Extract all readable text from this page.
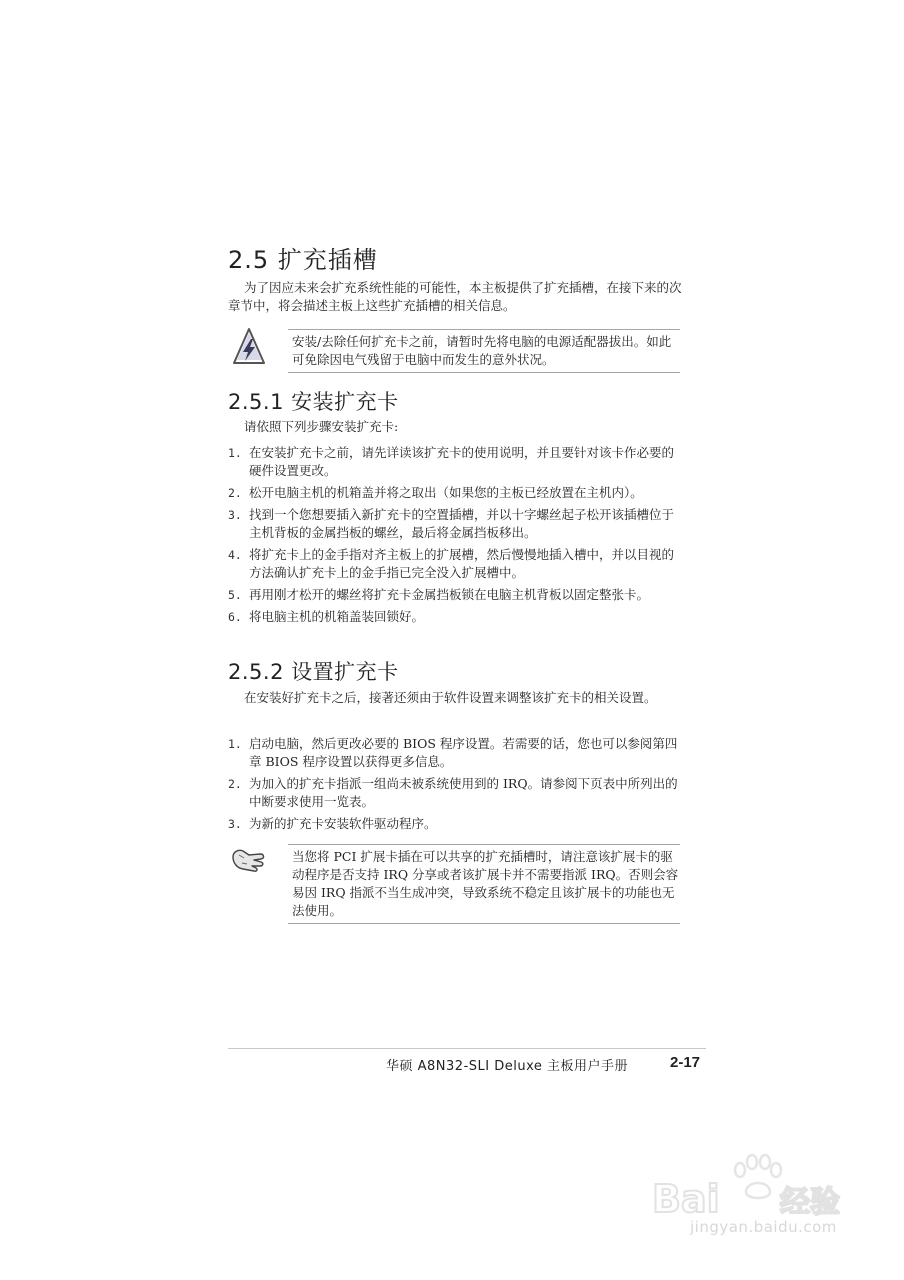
2.5 扩充插槽
为了因应未来会扩充系统性能的可能性，本主板提供了扩充插槽，在接下来的次章节中，将会描述主板上这些扩充插槽的相关信息。
安装/去除任何扩充卡之前，请暂时先将电脑的电源适配器拔出。如此可免除因电气残留于电脑中而发生的意外状况。
2.5.1 安装扩充卡
请依照下列步骤安装扩充卡:
1. 在安装扩充卡之前，请先详读该扩充卡的使用说明，并且要针对该卡作必要的硬件设置更改。
2. 松开电脑主机的机箱盖并将之取出（如果您的主板已经放置在主机内）。
3. 找到一个您想要插入新扩充卡的空置插槽，并以十字螺丝起子松开该插槽位于主机背板的金属挡板的螺丝，最后将金属挡板移出。
4. 将扩充卡上的金手指对齐主板上的扩展槽，然后慢慢地插入槽中，并以目视的方法确认扩充卡上的金手指已完全没入扩展槽中。
5. 再用刚才松开的螺丝将扩充卡金属挡板锁在电脑主机背板以固定整张卡。
6. 将电脑主机的机箱盖装回锁好。
2.5.2 设置扩充卡
在安装好扩充卡之后，接著还须由于软件设置来调整该扩充卡的相关设置。
1. 启动电脑，然后更改必要的 BIOS 程序设置。若需要的话，您也可以参阅第四章 BIOS 程序设置以获得更多信息。
2. 为加入的扩充卡指派一组尚未被系统使用到的 IRQ。请参阅下页表中所列出的中断要求使用一览表。
3. 为新的扩充卡安装软件驱动程序。
当您将 PCI 扩展卡插在可以共享的扩充插槽时，请注意该扩展卡的驱动程序是否支持 IRQ 分享或者该扩展卡并不需要指派 IRQ。否则会容易因 IRQ 指派不当生成冲突，导致系统不稳定且该扩展卡的功能也无法使用。
华硕 A8N32-SLI Deluxe 主板用户手册	2-17
Bai 经验
jingyan.baidu.com
